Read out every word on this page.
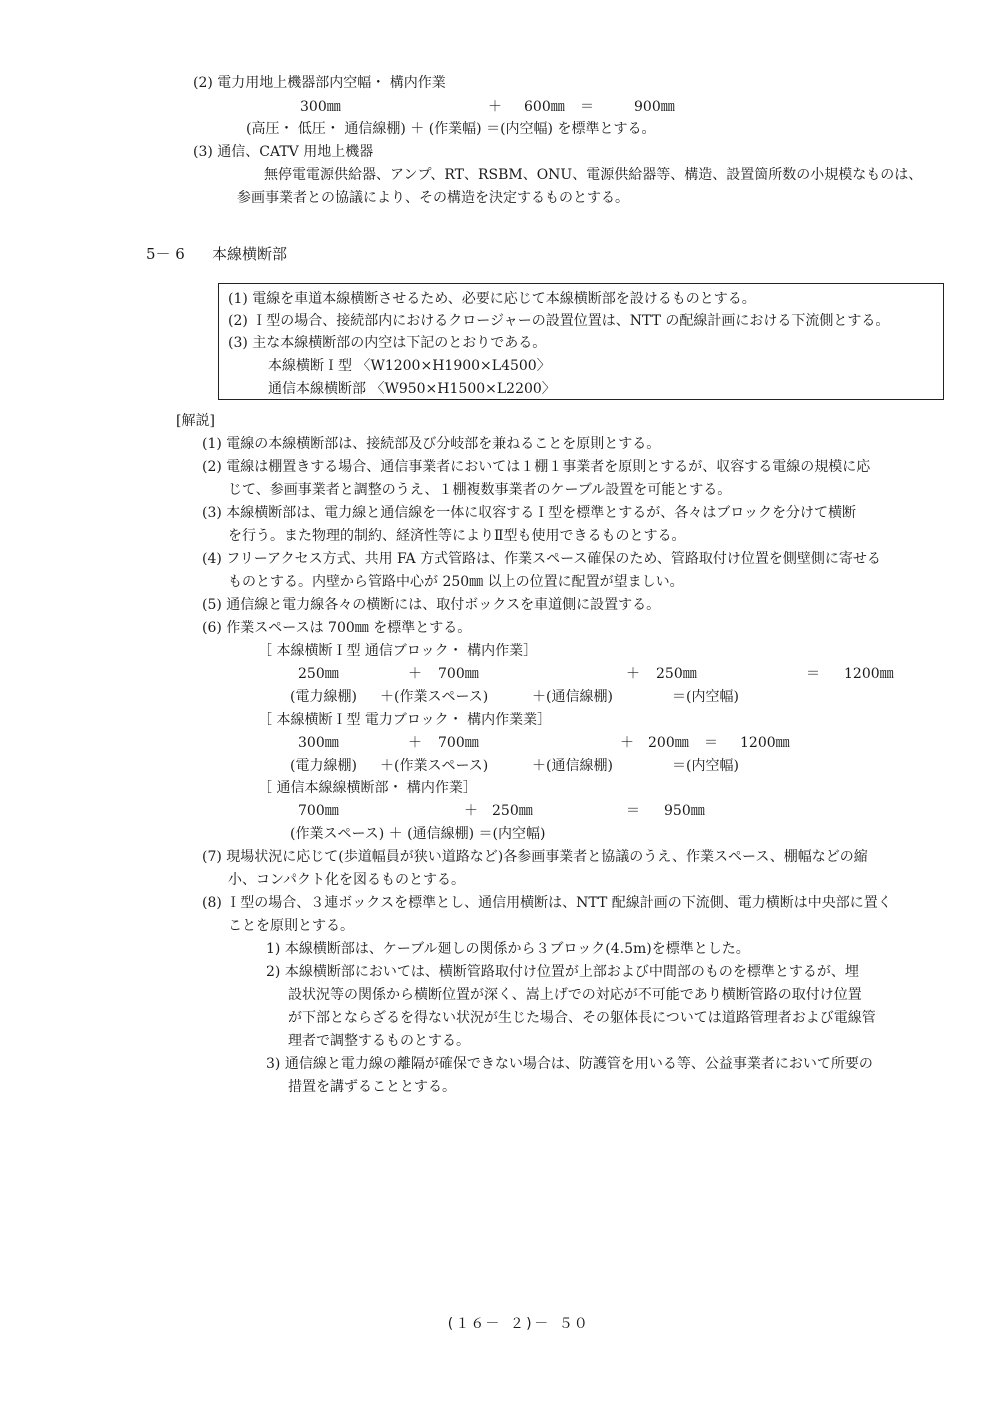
(2) 電力用地上機器部内空幅・ 構内作業
300㎜	＋ 600㎜ ＝	900㎜
(高圧・ 低圧・ 通信線棚) ＋ (作業幅) ＝(内空幅) を標準とする。
(3) 通信、CATV 用地上機器
無停電電源供給器、アンプ、RT、RSBM、ONU、電源供給器等、構造、設置箇所数の小規模なものは、
参画事業者との協議により、その構造を決定するものとする。
5－ 6 本線横断部
(1) 電線を車道本線横断させるため、必要に応じて本線横断部を設けるものとする。
(2) Ｉ型の場合、接続部内におけるクロージャーの設置位置は、NTT の配線計画における下流側とする。
(3) 主な本線横断部の内空は下記のとおりである。
本線横断Ｉ型 〈W1200×H1900×L4500〉
通信本線横断部 〈W950×H1500×L2200〉
[解説]
(1) 電線の本線横断部は、接続部及び分岐部を兼ねることを原則とする。
(2) 電線は棚置きする場合、通信事業者においては１棚１事業者を原則とするが、収容する電線の規模に応
じて、参画事業者と調整のうえ、１棚複数事業者のケーブル設置を可能とする。
(3) 本線横断部は、電力線と通信線を一体に収容するＩ型を標準とするが、各々はブロックを分けて横断
を行う。また物理的制約、経済性等によりⅡ型も使用できるものとする。
(4) フリーアクセス方式、共用 FA 方式管路は、作業スペース確保のため、管路取付け位置を側壁側に寄せる
ものとする。内壁から管路中心が 250㎜ 以上の位置に配置が望ましい。
(5) 通信線と電力線各々の横断には、取付ボックスを車道側に設置する。
(6) 作業スペースは 700㎜ を標準とする。
［ 本線横断Ｉ型 通信ブロック・ 構内作業］
250㎜	＋ 700㎜	＋ 250㎜	＝ 1200㎜
(電力線棚) ＋(作業スペース)	＋(通信線棚)	＝(内空幅)
［ 本線横断Ｉ型 電力ブロック・ 構内作業業］
300㎜	＋ 700㎜	＋ 200㎜ ＝ 1200㎜
(電力線棚) ＋(作業スペース)	＋(通信線棚)	＝(内空幅)
［ 通信本線線横断部・ 構内作業］
700㎜	＋ 250㎜	＝ 950㎜
(作業スペース) ＋ (通信線棚) ＝(内空幅)
(7) 現場状況に応じて(歩道幅員が狭い道路など)各参画事業者と協議のうえ、作業スペース、棚幅などの縮
小、コンパクト化を図るものとする。
(8) Ｉ型の場合、３連ボックスを標準とし、通信用横断は、NTT 配線計画の下流側、電力横断は中央部に置く
ことを原則とする。
1) 本線横断部は、ケーブル廻しの関係から３ブロック(4.5m)を標準とした。
2) 本線横断部においては、横断管路取付け位置が上部および中間部のものを標準とするが、埋
設状況等の関係から横断位置が深く、嵩上げでの対応が不可能であり横断管路の取付け位置
が下部とならざるを得ない状況が生じた場合、その躯体長については道路管理者および電線管
理者で調整するものとする。
3) 通信線と電力線の離隔が確保できない場合は、防護管を用いる等、公益事業者において所要の
措置を講ずることとする。
(１６－ ２)－ ５０
